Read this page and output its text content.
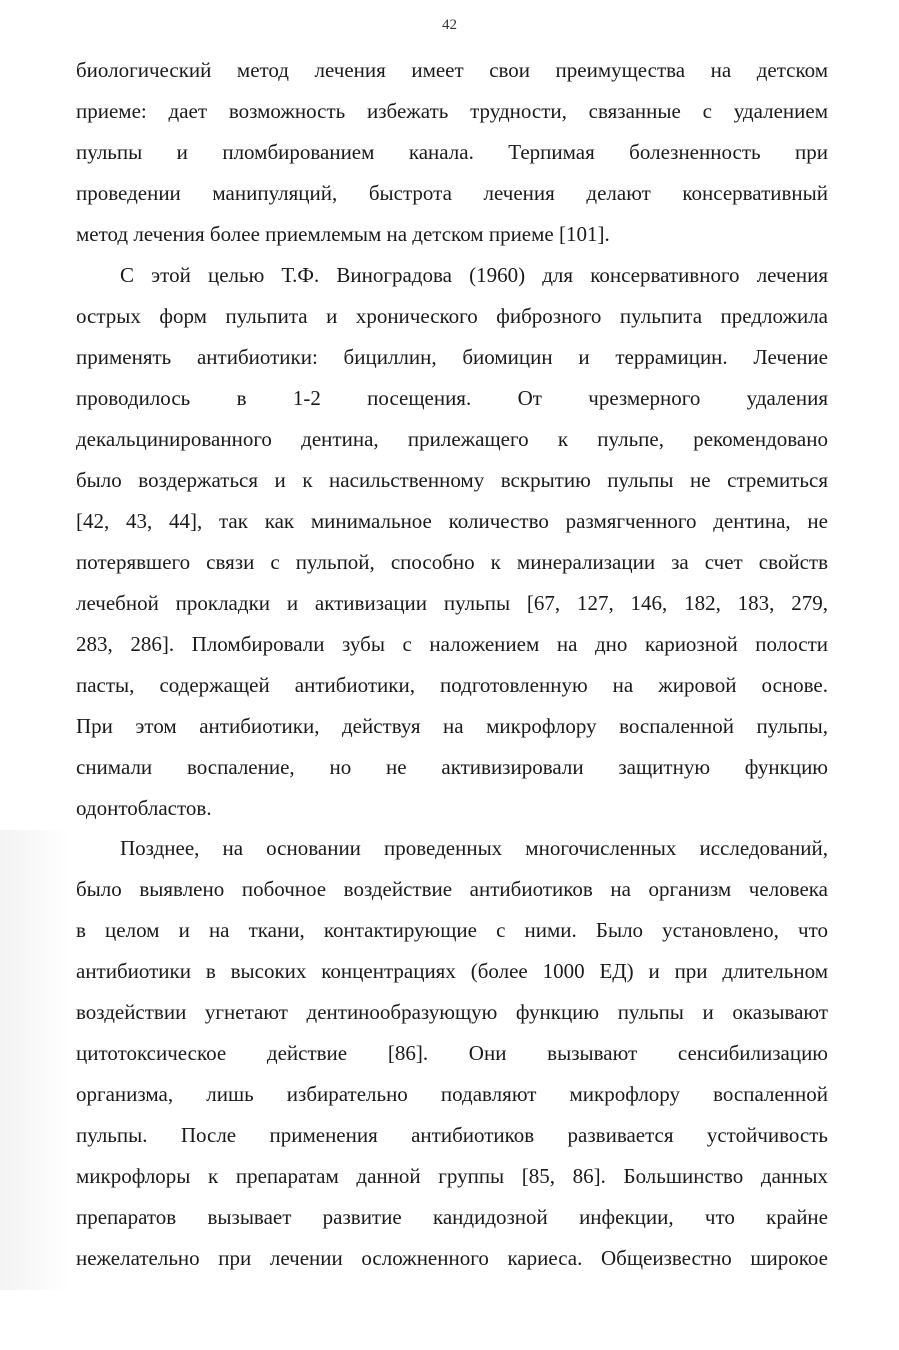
42
биологический метод лечения имеет свои преимущества на детском
приеме: дает возможность избежать трудности, связанные с удалением
пульпы и пломбированием канала. Терпимая болезненность при
проведении манипуляций, быстрота лечения делают консервативный
метод лечения более приемлемым на детском приеме [101].
С этой целью Т.Ф. Виноградова (1960) для консервативного лечения
острых форм пульпита и хронического фиброзного пульпита предложила
применять антибиотики: бициллин, биомицин и террамицин. Лечение
проводилось в 1-2 посещения. От чрезмерного удаления
декальцинированного дентина, прилежащего к пульпе, рекомендовано
было воздержаться и к насильственному вскрытию пульпы не стремиться
[42, 43, 44], так как минимальное количество размягченного дентина, не
потерявшего связи с пульпой, способно к минерализации за счет свойств
лечебной прокладки и активизации пульпы [67, 127, 146, 182, 183, 279,
283, 286]. Пломбировали зубы с наложением на дно кариозной полости
пасты, содержащей антибиотики, подготовленную на жировой основе.
При этом антибиотики, действуя на микрофлору воспаленной пульпы,
снимали воспаление, но не активизировали защитную функцию
одонтобластов.
Позднее, на основании проведенных многочисленных исследований,
было выявлено побочное воздействие антибиотиков на организм человека
в целом и на ткани, контактирующие с ними. Было установлено, что
антибиотики в высоких концентрациях (более 1000 ЕД) и при длительном
воздействии угнетают дентинообразующую функцию пульпы и оказывают
цитотоксическое действие [86]. Они вызывают сенсибилизацию
организма, лишь избирательно подавляют микрофлору воспаленной
пульпы. После применения антибиотиков развивается устойчивость
микрофлоры к препаратам данной группы [85, 86]. Большинство данных
препаратов вызывает развитие кандидозной инфекции, что крайне
нежелательно при лечении осложненного кариеса. Общеизвестно широкое
